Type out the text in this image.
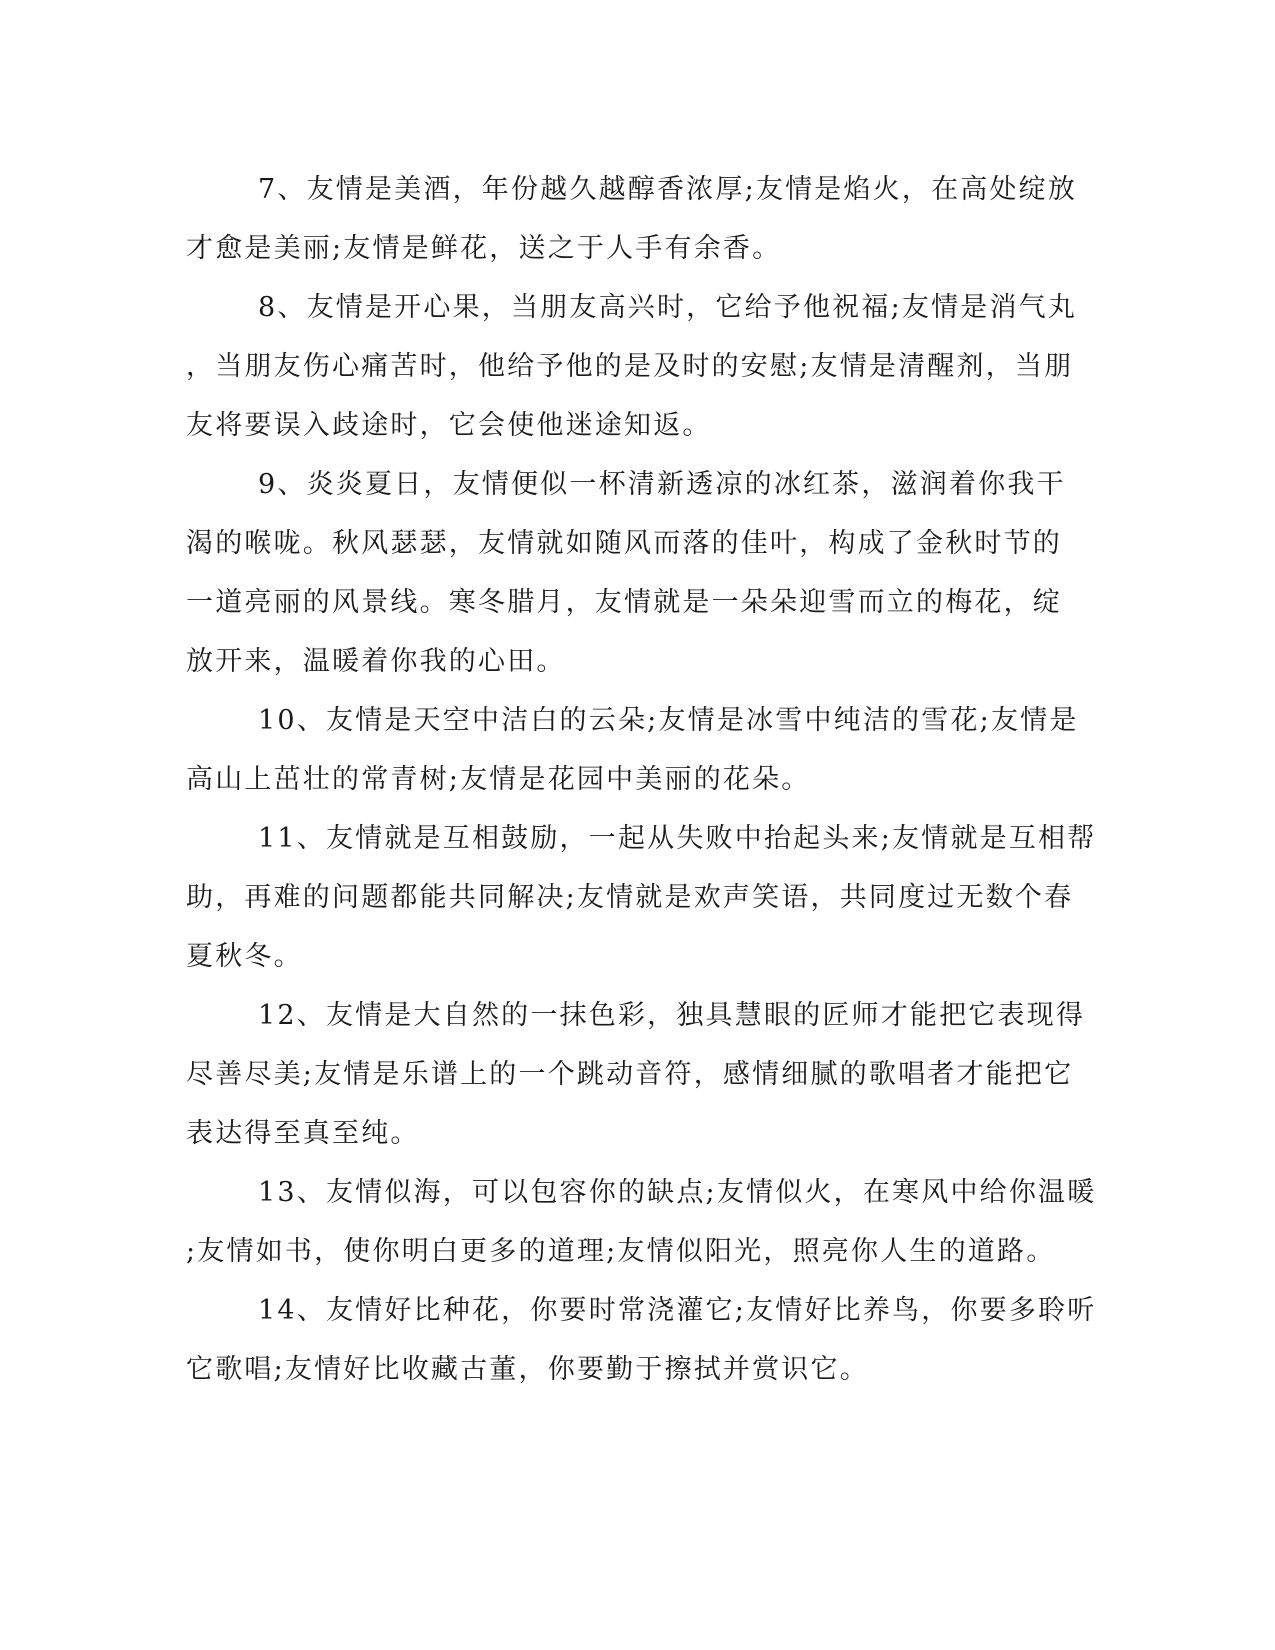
7、友情是美酒，年份越久越醇香浓厚;友情是焰火，在高处绽放
才愈是美丽;友情是鲜花，送之于人手有余香。

8、友情是开心果，当朋友高兴时，它给予他祝福;友情是消气丸
，当朋友伤心痛苦时，他给予他的是及时的安慰;友情是清醒剂，当朋
友将要误入歧途时，它会使他迷途知返。

9、炎炎夏日，友情便似一杯清新透凉的冰红茶，滋润着你我干
渴的喉咙。秋风瑟瑟，友情就如随风而落的佳叶，构成了金秋时节的
一道亮丽的风景线。寒冬腊月，友情就是一朵朵迎雪而立的梅花，绽
放开来，温暖着你我的心田。

10、友情是天空中洁白的云朵;友情是冰雪中纯洁的雪花;友情是
高山上茁壮的常青树;友情是花园中美丽的花朵。

11、友情就是互相鼓励，一起从失败中抬起头来;友情就是互相帮
助，再难的问题都能共同解决;友情就是欢声笑语，共同度过无数个春
夏秋冬。

12、友情是大自然的一抹色彩，独具慧眼的匠师才能把它表现得
尽善尽美;友情是乐谱上的一个跳动音符，感情细腻的歌唱者才能把它
表达得至真至纯。

13、友情似海，可以包容你的缺点;友情似火，在寒风中给你温暖
;友情如书，使你明白更多的道理;友情似阳光，照亮你人生的道路。

14、友情好比种花，你要时常浇灌它;友情好比养鸟，你要多聆听
它歌唱;友情好比收藏古董，你要勤于擦拭并赏识它。
